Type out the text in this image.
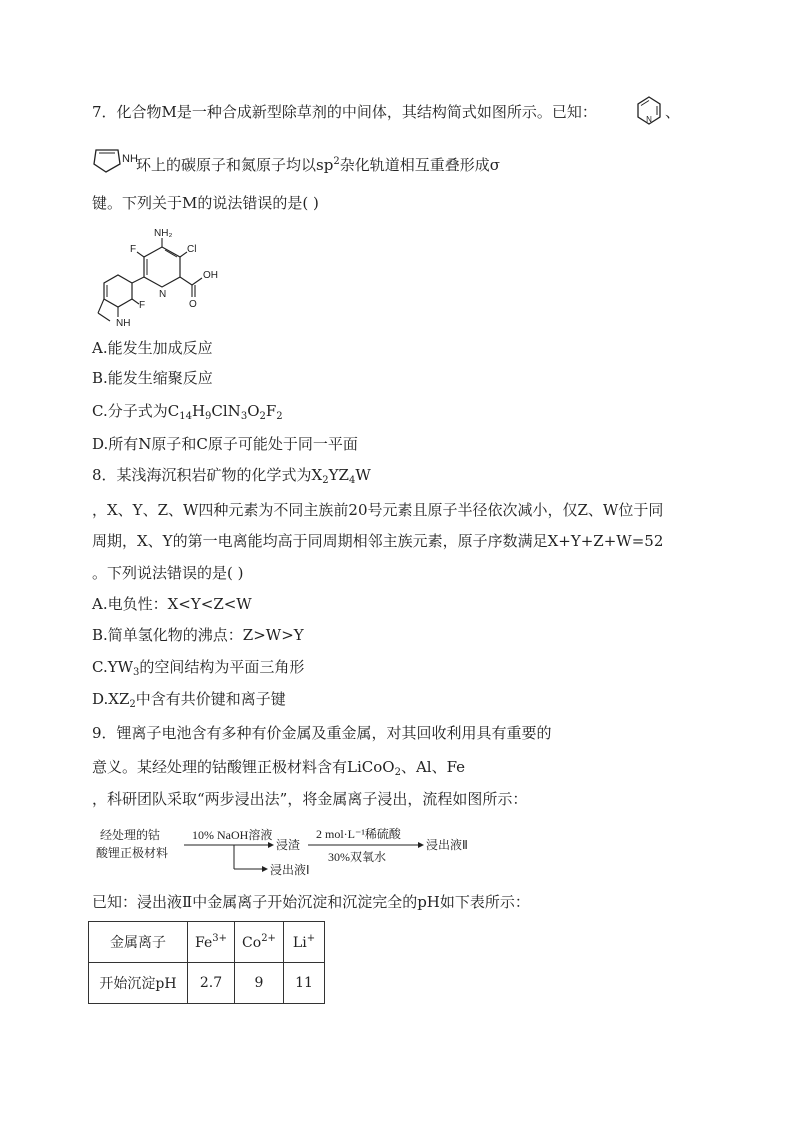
7．化合物M是一种合成新型除草剂的中间体，其结构简式如图所示。已知：	N 、
NH
环上的碳原子和氮原子均以$sp^2$杂化轨道相互重叠形成σ
键。下列关于M的说法错误的是( )
NH₂
F	Cl
N
OH
O
F
NH
A.能发生加成反应
B.能发生缩聚反应
C.分子式为$C_{14}H_9ClN_3O_2F_2$
D.所有N原子和C原子可能处于同一平面
8．某浅海沉积岩矿物的化学式为$X_2YZ_4W$
，X、Y、Z、W四种元素为不同主族前20号元素且原子半径依次减小，仅Z、W位于同
周期，X、Y的第一电离能均高于同周期相邻主族元素，原子序数满足X+Y+Z+W=52
。下列说法错误的是( )
A.电负性：X<Y<Z<W
B.简单氢化物的沸点：Z>W>Y
$C.YW_3$的空间结构为平面三角形
$D.XZ_2$中含有共价键和离子键
9．锂离子电池含有多种有价金属及重金属，对其回收利用具有重要的
意义。某经处理的钴酸锂正极材料含有LiCoO$_2$、Al、Fe
，科研团队采取“两步浸出法”，将金属离子浸出，流程如图所示：
经处理的钴
酸锂正极材料
10% NaOH溶液
浸渣
浸出液Ⅰ
2 mol·L⁻¹稀硫酸
30%双氧水
浸出液Ⅱ
已知：浸出液Ⅱ中金属离子开始沉淀和沉淀完全的pH如下表所示：
金属离子	$Fe^{3+}$	$Co^{2+}$	Li+
开始沉淀pH	2.7	9	11
